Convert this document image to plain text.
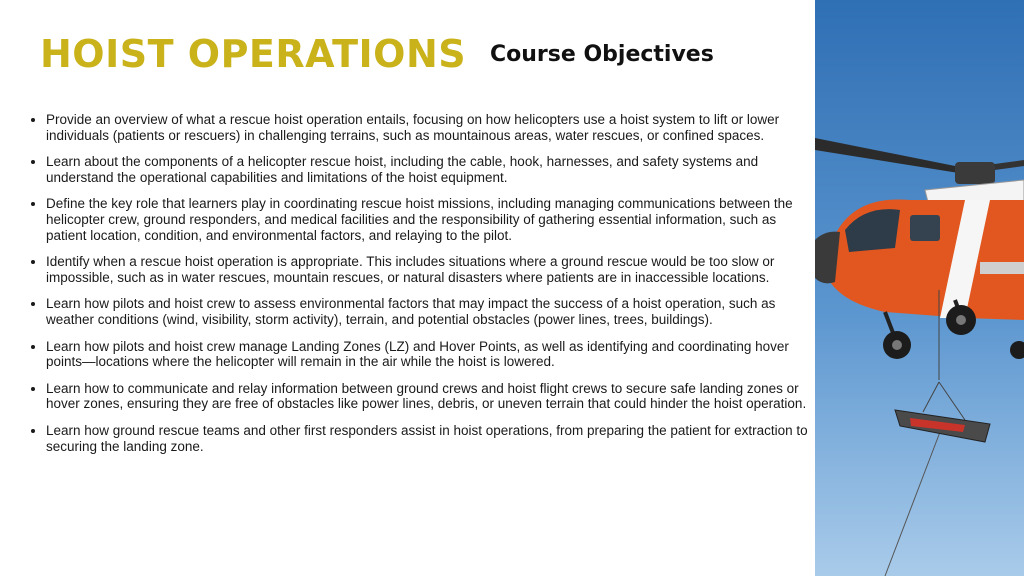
HOIST OPERATIONS Course Objectives
• Provide an overview of what a rescue hoist operation entails, focusing on how helicopters use a hoist system to lift or lower individuals (patients or rescuers) in challenging terrains, such as mountainous areas, water rescues, or confined spaces.
• Learn about the components of a helicopter rescue hoist, including the cable, hook, harnesses, and safety systems and understand the operational capabilities and limitations of the hoist equipment.
• Define the key role that learners play in coordinating rescue hoist missions, including managing communications between the helicopter crew, ground responders, and medical facilities and the responsibility of gathering essential information, such as patient location, condition, and environmental factors, and relaying to the pilot.
• Identify when a rescue hoist operation is appropriate. This includes situations where a ground rescue would be too slow or impossible, such as in water rescues, mountain rescues, or natural disasters where patients are in inaccessible locations.
• Learn how pilots and hoist crew to assess environmental factors that may impact the success of a hoist operation, such as weather conditions (wind, visibility, storm activity), terrain, and potential obstacles (power lines, trees, buildings).
• Learn how pilots and hoist crew manage Landing Zones (LZ) and Hover Points, as well as identifying and coordinating hover points—locations where the helicopter will remain in the air while the hoist is lowered.
• Learn how to communicate and relay information between ground crews and hoist flight crews to secure safe landing zones or hover zones, ensuring they are free of obstacles like power lines, debris, or uneven terrain that could hinder the hoist operation.
• Learn how ground rescue teams and other first responders assist in hoist operations, from preparing the patient for extraction to securing the landing zone.
